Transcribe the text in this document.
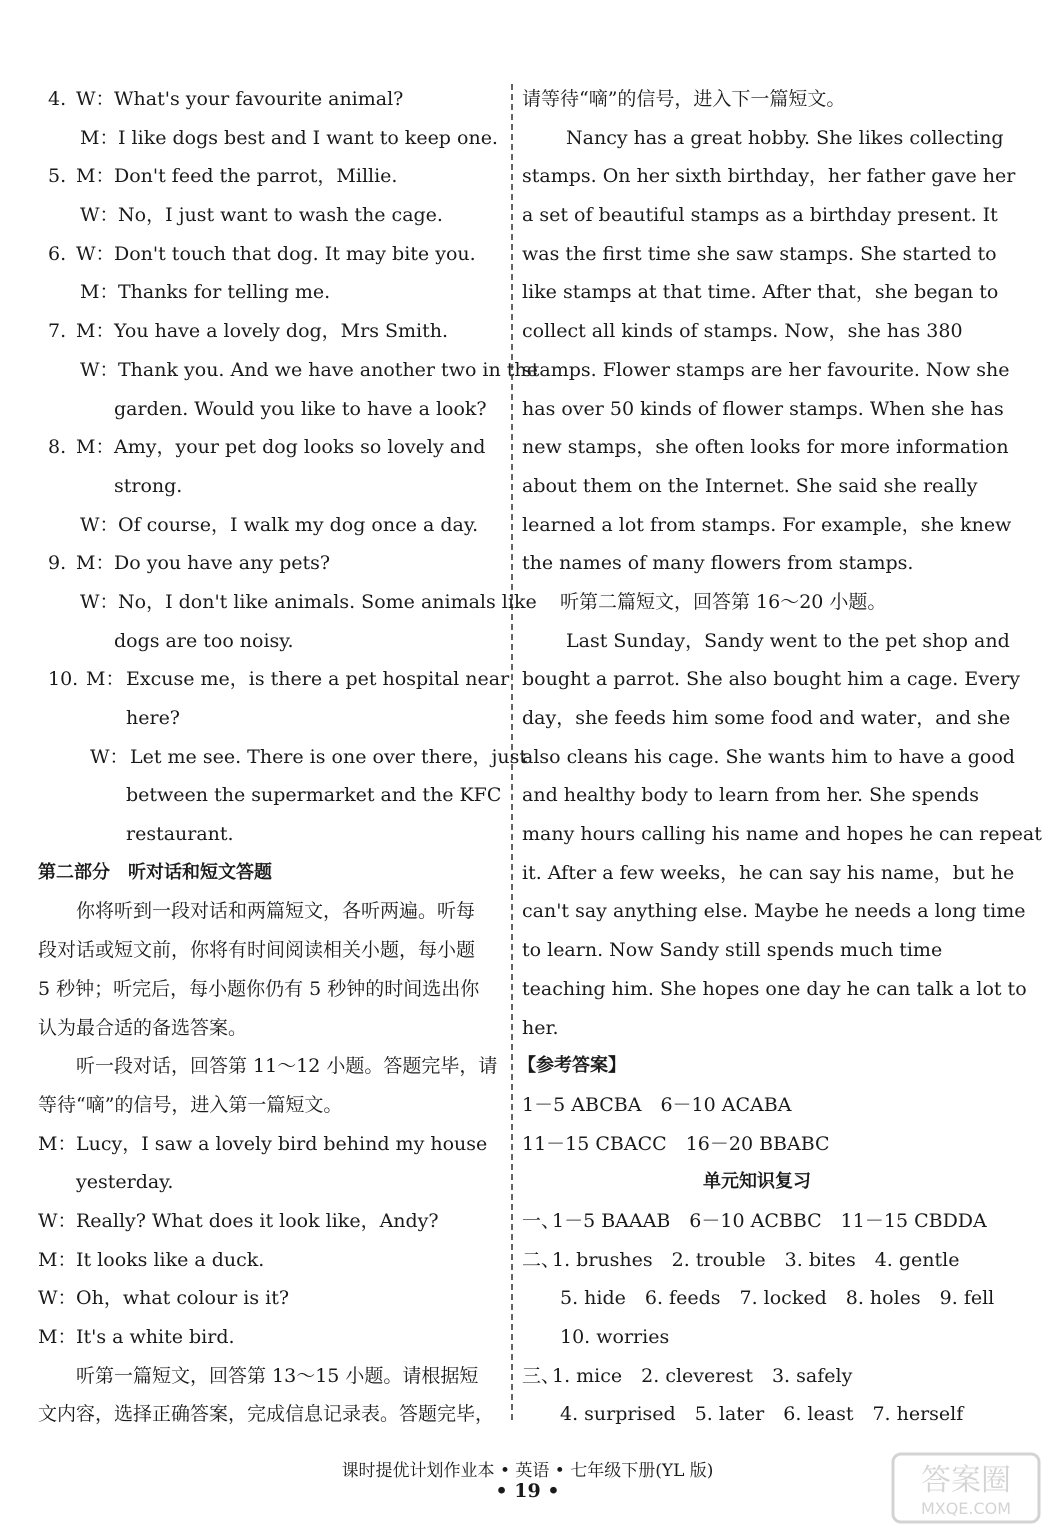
4. W： What's your favourite animal?
M： I like dogs best and I want to keep one.
5. M： Don't feed the parrot，Millie.
W： No，I just want to wash the cage.
6. W： Don't touch that dog. It may bite you.
M： Thanks for telling me.
7. M： You have a lovely dog，Mrs Smith.
W： Thank you. And we have another two in the
garden. Would you like to have a look?
8. M： Amy，your pet dog looks so lovely and
strong.
W： Of course，I walk my dog once a day.
9. M： Do you have any pets?
W： No，I don't like animals. Some animals like
dogs are too noisy.
10. M： Excuse me，is there a pet hospital near
here?
W： Let me see. There is one over there，just
between the supermarket and the KFC
restaurant.
第二部分　听对话和短文答题
你将听到一段对话和两篇短文，各听两遍。听每
段对话或短文前，你将有时间阅读相关小题，每小题
5 秒钟；听完后，每小题你仍有 5 秒钟的时间选出你
认为最合适的备选答案。
听一段对话，回答第 11～12 小题。答题完毕，请
等待“嘀”的信号，进入第一篇短文。
M： Lucy，I saw a lovely bird behind my house
yesterday.
W： Really? What does it look like，Andy?
M： It looks like a duck.
W： Oh，what colour is it?
M： It's a white bird.
听第一篇短文，回答第 13～15 小题。请根据短
文内容，选择正确答案，完成信息记录表。答题完毕，
请等待“嘀”的信号，进入下一篇短文。
Nancy has a great hobby. She likes collecting
stamps. On her sixth birthday，her father gave her
a set of beautiful stamps as a birthday present. It
was the first time she saw stamps. She started to
like stamps at that time. After that，she began to
collect all kinds of stamps. Now，she has 380
stamps. Flower stamps are her favourite. Now she
has over 50 kinds of flower stamps. When she has
new stamps，she often looks for more information
about them on the Internet. She said she really
learned a lot from stamps. For example，she knew
the names of many flowers from stamps.
听第二篇短文，回答第 16～20 小题。
Last Sunday，Sandy went to the pet shop and
bought a parrot. She also bought him a cage. Every
day，she feeds him some food and water，and she
also cleans his cage. She wants him to have a good
and healthy body to learn from her. She spends
many hours calling his name and hopes he can repeat
it. After a few weeks，he can say his name，but he
can't say anything else. Maybe he needs a long time
to learn. Now Sandy still spends much time
teaching him. She hopes one day he can talk a lot to
her.
【参考答案】
1－5 ABCBA　6－10 ACABA
11－15 CBACC　16－20 BBABC
单元知识复习
一、
1－5 BAAAB　6－10 ACBBC　11－15 CBDDA
二、
1. brushes　2. trouble　3. bites　4. gentle
5. hide　6. feeds　7. locked　8. holes　9. fell
10. worries
三、
1. mice　2. cleverest　3. safely
4. surprised　5. later　6. least　7. herself
课时提优计划作业本 • 英语 • 七年级下册(YL 版)
• 19 •	答案圈
MXQE.COM
